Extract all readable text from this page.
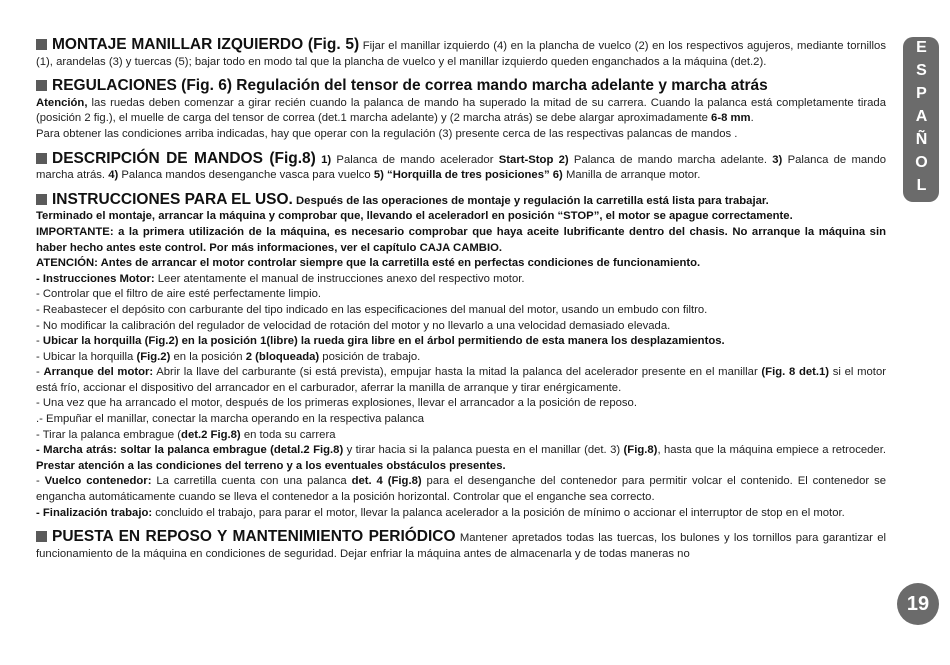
MONTAJE MANILLAR IZQUIERDO (Fig. 5) Fijar el manillar izquierdo (4) en la plancha de vuelco (2) en los respectivos agujeros, mediante tornillos (1), arandelas (3) y tuercas (5); bajar todo en modo tal que la plancha de vuelco y el manillar izquierdo queden enganchados a la máquina (det.2).

REGULACIONES (Fig. 6) Regulación del tensor de correa mando marcha adelante y marcha atrás
Atención, las ruedas deben comenzar a girar recién cuando la palanca de mando ha superado la mitad de su carrera. Cuando la palanca está completamente tirada (posición 2 fig.), el muelle de carga del tensor de correa (det.1 marcha adelante) y (2 marcha atrás) se debe alargar aproximadamente 6-8 mm.
Para obtener las condiciones arriba indicadas, hay que operar con la regulación (3) presente cerca de las respectivas palancas de mandos .

DESCRIPCIÓN DE MANDOS (Fig.8) 1) Palanca de mando acelerador Start-Stop 2) Palanca de mando marcha adelante. 3) Palanca de mando marcha atrás. 4) Palanca mandos desenganche vasca para vuelco 5) “Horquilla de tres posiciones” 6) Manilla de arranque motor.

INSTRUCCIONES PARA EL USO. Después de las operaciones de montaje y regulación la carretilla está lista para trabajar.
Terminado el montaje, arrancar la máquina y comprobar que, llevando el aceleradorl en posición “STOP”, el motor se apague correctamente.
IMPORTANTE: a la primera utilización de la máquina, es necesario comprobar que haya aceite lubrificante dentro del chasis. No arranque la máquina sin haber hecho antes este control. Por más informaciones, ver el capítulo CAJA CAMBIO.
ATENCIÓN: Antes de arrancar el motor controlar siempre que la carretilla esté en perfectas condiciones de funcionamiento.
- Instrucciones Motor: Leer atentamente el manual de instrucciones anexo del respectivo motor.
- Controlar que el filtro de aire esté perfectamente limpio.
- Reabastecer el depósito con carburante del tipo indicado en las especificaciones del manual del motor, usando un embudo con filtro.
- No modificar la calibración del regulador de velocidad de rotación del motor y no llevarlo a una velocidad demasiado elevada.
- Ubicar la horquilla (Fig.2) en la posición 1(libre) la rueda gira libre en el árbol permitiendo de esta manera los desplazamientos.
- Ubicar la horquilla (Fig.2) en la posición 2 (bloqueada) posición de trabajo.
- Arranque del motor: Abrir la llave del carburante (si está prevista), empujar hasta la mitad la palanca del acelerador presente en el manillar (Fig. 8 det.1) si el motor está frío, accionar el dispositivo del arrancador en el carburador, aferrar la manilla de arranque y tirar enérgicamente.
- Una vez que ha arrancado el motor, después de los primeras explosiones, llevar el arrancador a la posición de reposo.
.- Empuñar el manillar, conectar la marcha operando en la respectiva palanca
- Tirar la palanca embrague (det.2 Fig.8) en toda su carrera
- Marcha atrás: soltar la palanca embrague (detal.2 Fig.8) y tirar hacia si la palanca puesta en el manillar (det. 3) (Fig.8), hasta que la máquina empiece a retroceder. Prestar atención a las condiciones del terreno y a los eventuales obstáculos presentes.
- Vuelco contenedor: La carretilla cuenta con una palanca det. 4 (Fig.8) para el desenganche del contenedor para permitir volcar el contenido. El contenedor se engancha automáticamente cuando se lleva el contenedor a la posición horizontal. Controlar que el enganche sea correcto.
- Finalización trabajo: concluido el trabajo, para parar el motor, llevar la palanca acelerador a la posición de mínimo o accionar el interruptor de stop en el motor.

PUESTA EN REPOSO Y MANTENIMIENTO PERIÓDICO Mantener apretados todas las tuercas, los bulones y los tornillos para garantizar el funcionamiento de la máquina en condiciones de seguridad. Dejar enfriar la máquina antes de almacenarla y de todas maneras no

ESPAÑOL
19
